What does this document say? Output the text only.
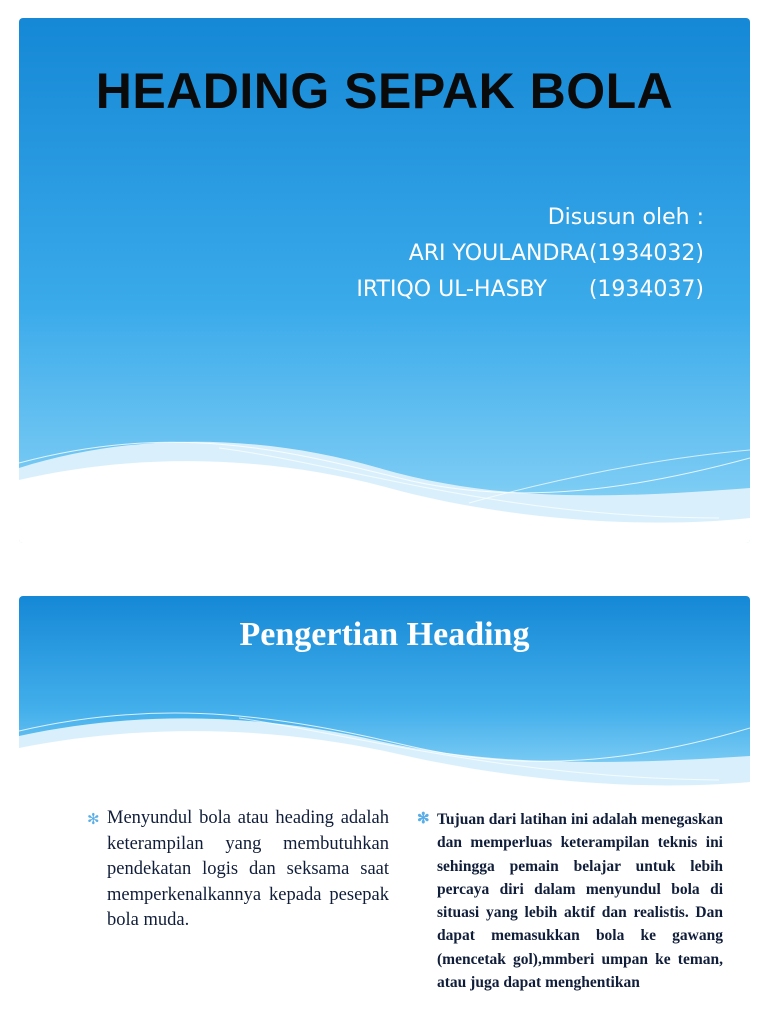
HEADING SEPAK BOLA
Disusun oleh :
ARI YOULANDRA(1934032)
IRTIQO UL-HASBY      (1934037)
Pengertian Heading
✻ Menyundul bola atau heading adalah keterampilan yang membutuhkan pendekatan logis dan seksama saat memperkenalkannya kepada pesepak bola muda.
✻ Tujuan dari latihan ini adalah menegaskan dan memperluas keterampilan teknis ini sehingga pemain belajar untuk lebih percaya diri dalam menyundul bola di situasi yang lebih aktif dan realistis. Dan dapat memasukkan bola ke gawang (mencetak gol),mmberi umpan ke teman, atau juga dapat menghentikan
